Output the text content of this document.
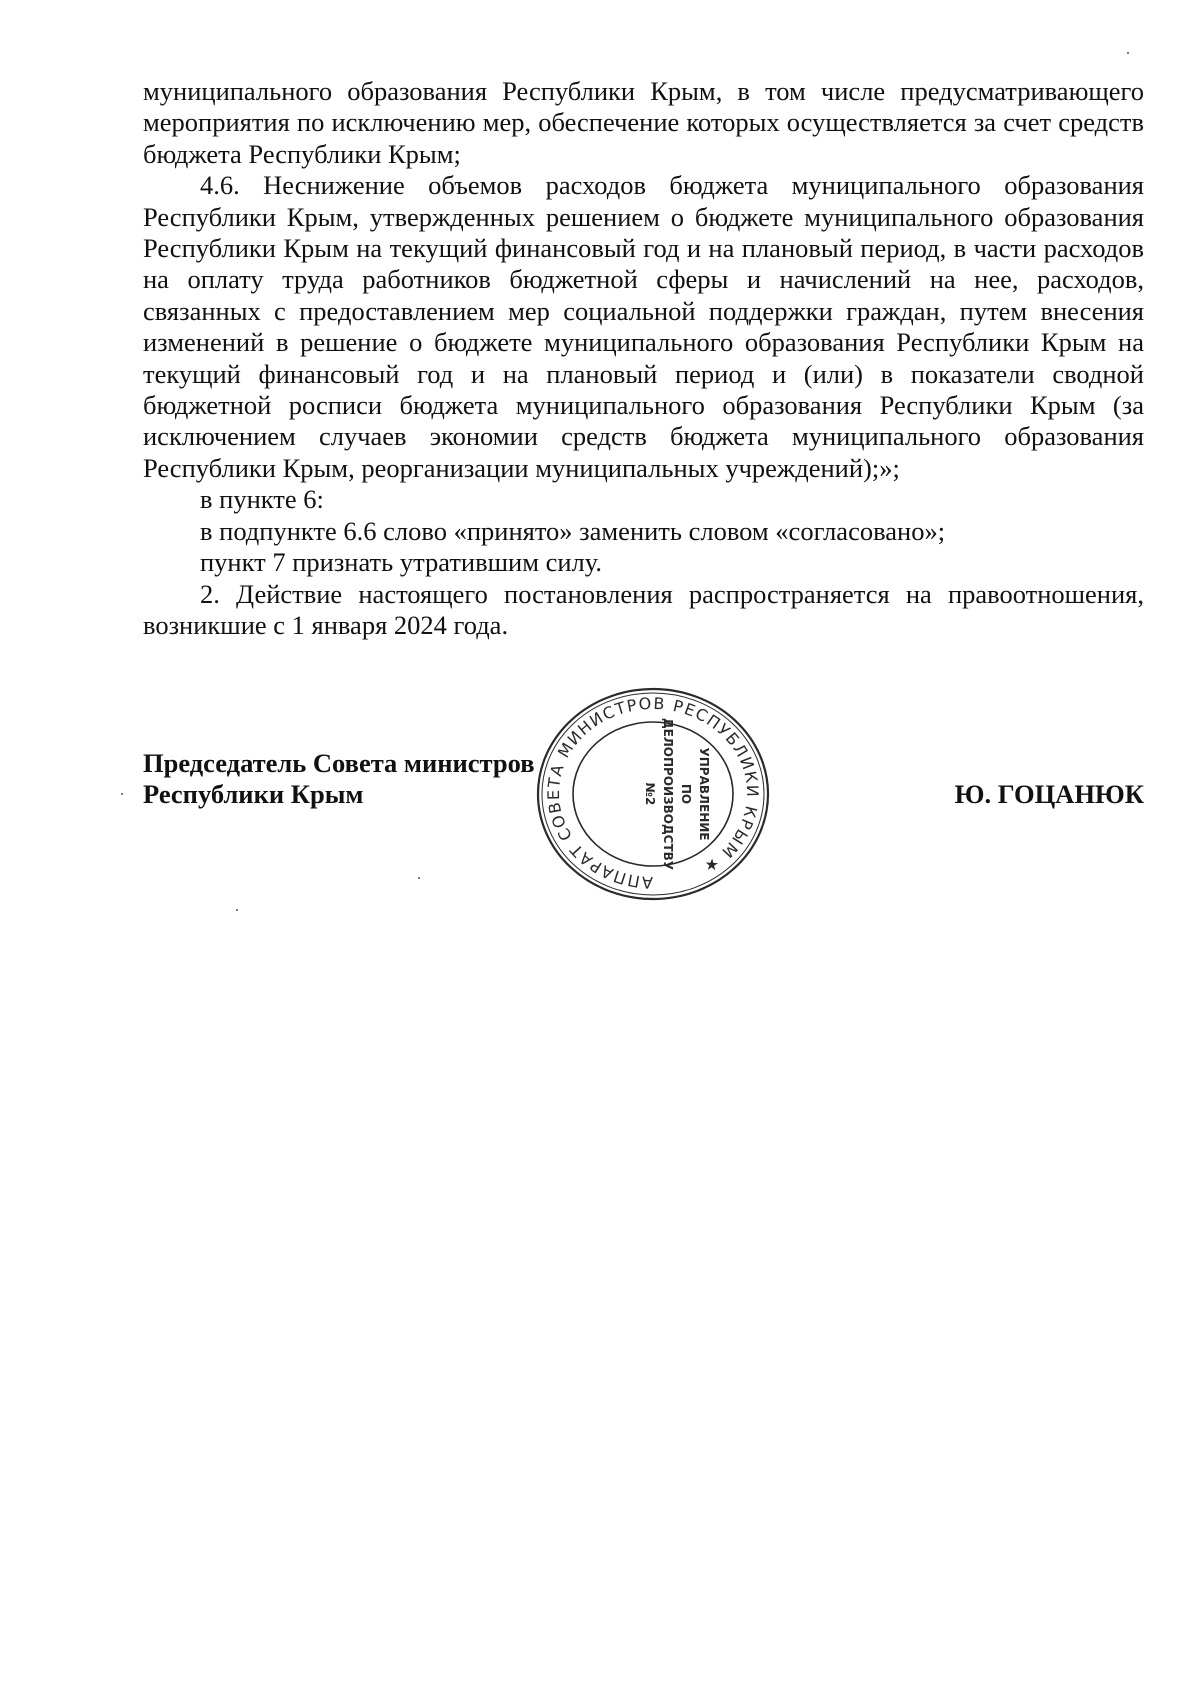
муниципального образования Республики Крым, в том числе предусматривающего мероприятия по исключению мер, обеспечение которых осуществляется за счет средств бюджета Республики Крым;

4.6. Неснижение объемов расходов бюджета муниципального образования Республики Крым, утвержденных решением о бюджете муниципального образования Республики Крым на текущий финансовый год и на плановый период, в части расходов на оплату труда работников бюджетной сферы и начислений на нее, расходов, связанных с предоставлением мер социальной поддержки граждан, путем внесения изменений в решение о бюджете муниципального образования Республики Крым на текущий финансовый год и на плановый период и (или) в показатели сводной бюджетной росписи бюджета муниципального образования Республики Крым (за исключением случаев экономии средств бюджета муниципального образования Республики Крым, реорганизации муниципальных учреждений);»;

в пункте 6:

в подпункте 6.6 слово «принято» заменить словом «согласовано»;

пункт 7 признать утратившим силу.

2. Действие настоящего постановления распространяется на правоотношения, возникшие с 1 января 2024 года.

Председатель Совета министров
Республики Крым	Ю. ГОЦАНЮК
АППАРАТ СОВЕТА МИНИСТРОВ РЕСПУБЛИКИ КРЫМ ★
УПРАВЛЕНИЕ
ПО
ДЕЛОПРОИЗВОДСТВУ
№2
